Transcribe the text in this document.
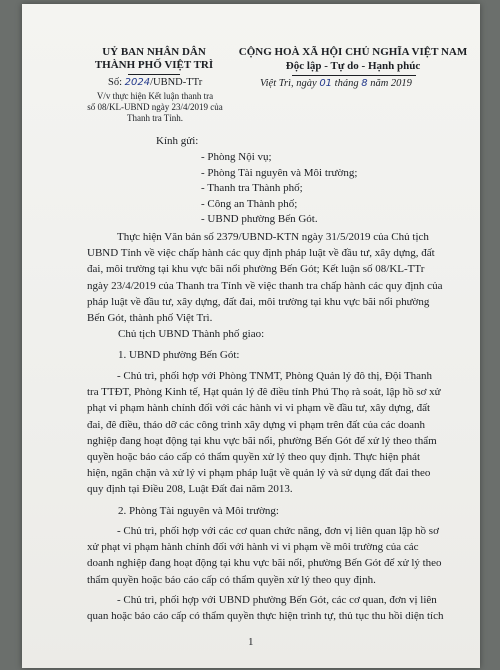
UỶ BAN NHÂN DÂN
THÀNH PHỐ VIỆT TRÌ
Số: 2024/UBND-TTr
V/v thực hiện Kết luận thanh tra
số 08/KL-UBND ngày 23/4/2019 của
Thanh tra Tỉnh.
CỘNG HOÀ XÃ HỘI CHỦ NGHĨA VIỆT NAM
Độc lập - Tự do - Hạnh phúc
Việt Trì, ngày 01 tháng 8 năm 2019
Kính gửi:
- Phòng Nội vụ;
- Phòng Tài nguyên và Môi trường;
- Thanh tra Thành phố;
- Công an Thành phố;
- UBND phường Bến Gót.
Thực hiện Văn bản số 2379/UBND-KTN ngày 31/5/2019 của Chủ tịch
UBND Tỉnh về việc chấp hành các quy định pháp luật về đầu tư, xây dựng, đất
đai, môi trường tại khu vực bãi nổi phường Bến Gót; Kết luận số 08/KL-TTr
ngày 23/4/2019 của Thanh tra Tỉnh về việc thanh tra chấp hành các quy định của
pháp luật về đầu tư, xây dựng, đất đai, môi trường tại khu vực bãi nổi phường
Bến Gót, thành phố Việt Trì.
Chủ tịch UBND Thành phố giao:
1. UBND phường Bến Gót:
- Chủ trì, phối hợp với Phòng TNMT, Phòng Quản lý đô thị, Đội Thanh
tra TTĐT, Phòng Kinh tế, Hạt quản lý đê điều tỉnh Phú Thọ rà soát, lập hồ sơ xử
phạt vi phạm hành chính đối với các hành vi vi phạm về đầu tư, xây dựng, đất
đai, đê điều, tháo dỡ các công trình xây dựng vi phạm trên đất của các doanh
nghiệp đang hoạt động tại khu vực bãi nổi, phường Bến Gót để xử lý theo thẩm
quyền hoặc báo cáo cấp có thẩm quyền xử lý theo quy định. Thực hiện phát
hiện, ngăn chặn và xử lý vi phạm pháp luật về quản lý và sử dụng đất đai theo
quy định tại Điều 208, Luật Đất đai năm 2013.
2. Phòng Tài nguyên và Môi trường:
- Chủ trì, phối hợp với các cơ quan chức năng, đơn vị liên quan lập hồ sơ
xử phạt vi phạm hành chính đối với hành vi vi phạm về môi trường của các
doanh nghiệp đang hoạt động tại khu vực bãi nổi, phường Bến Gót để xử lý theo
thẩm quyền hoặc báo cáo cấp có thẩm quyền xử lý theo quy định.
- Chủ trì, phối hợp với UBND phường Bến Gót, các cơ quan, đơn vị liên
quan hoặc báo cáo cấp có thẩm quyền thực hiện trình tự, thủ tục thu hồi diện tích
1
